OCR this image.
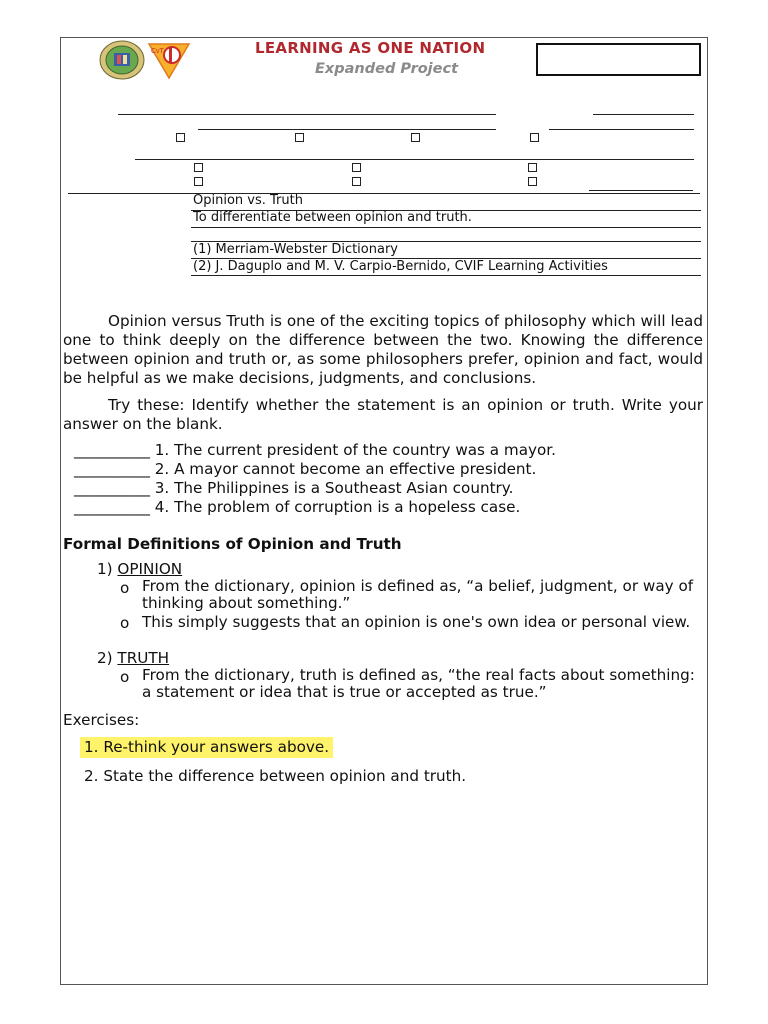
CvT	LEARNING AS ONE NATION
Expanded Project
Opinion vs. Truth
To differentiate between opinion and truth.
(1) Merriam-Webster Dictionary
(2) J. Daguplo and M. V. Carpio-Bernido, CVIF Learning Activities
Opinion versus Truth is one of the exciting topics of philosophy which will lead one to think deeply on the difference between the two. Knowing the difference between opinion and truth or, as some philosophers prefer, opinion and fact, would be helpful as we make decisions, judgments, and conclusions.
Try these: Identify whether the statement is an opinion or truth. Write your answer on the blank.
__________ 1. The current president of the country was a mayor.
__________ 2. A mayor cannot become an effective president.
__________ 3. The Philippines is a Southeast Asian country.
__________ 4. The problem of corruption is a hopeless case.
Formal Definitions of Opinion and Truth
1) OPINION
o From the dictionary, opinion is defined as, “a belief, judgment, or way of thinking about something.”
o This simply suggests that an opinion is one's own idea or personal view.
2) TRUTH
o From the dictionary, truth is defined as, “the real facts about something: a statement or idea that is true or accepted as true.”
Exercises:
1. Re-think your answers above.
2. State the difference between opinion and truth.
